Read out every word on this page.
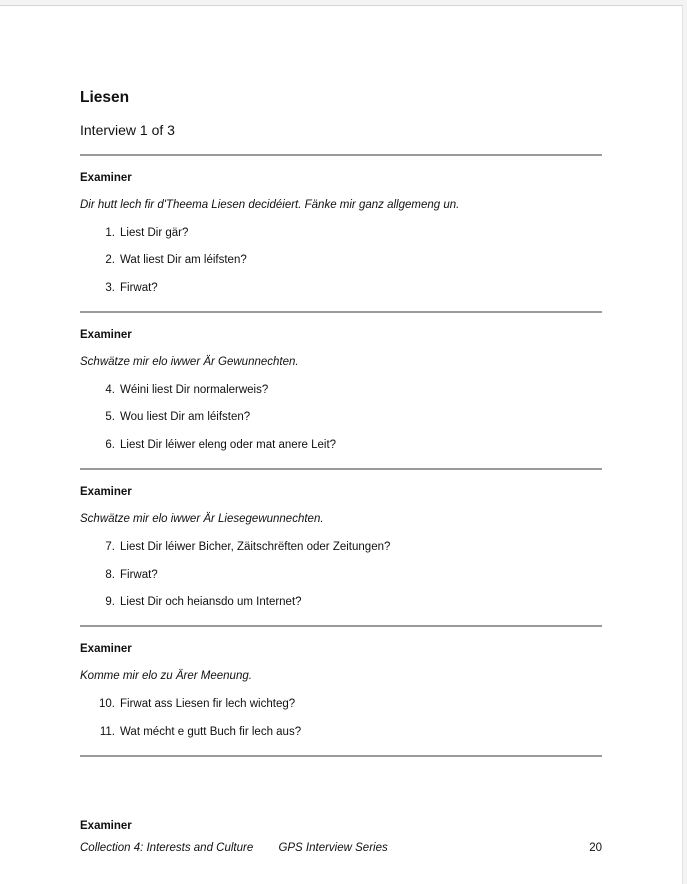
Liesen
Interview 1 of 3
Examiner
Dir hutt lech fir d'Theema Liesen decidéiert. Fänke mir ganz allgemeng un.
1. Liest Dir gär?
2. Wat liest Dir am léifsten?
3. Firwat?
Examiner
Schwätze mir elo iwwer Är Gewunnechten.
4. Wéini liest Dir normalerweis?
5. Wou liest Dir am léifsten?
6. Liest Dir léiwer eleng oder mat anere Leit?
Examiner
Schwätze mir elo iwwer Är Liesegewunnechten.
7. Liest Dir léiwer Bicher, Zäitschrëften oder Zeitungen?
8. Firwat?
9. Liest Dir och heiansdo um Internet?
Examiner
Komme mir elo zu Ärer Meenung.
10. Firwat ass Liesen fir lech wichteg?
11. Wat mécht e gutt Buch fir lech aus?
Examiner
Collection 4: Interests and Culture GPS Interview Series	20
